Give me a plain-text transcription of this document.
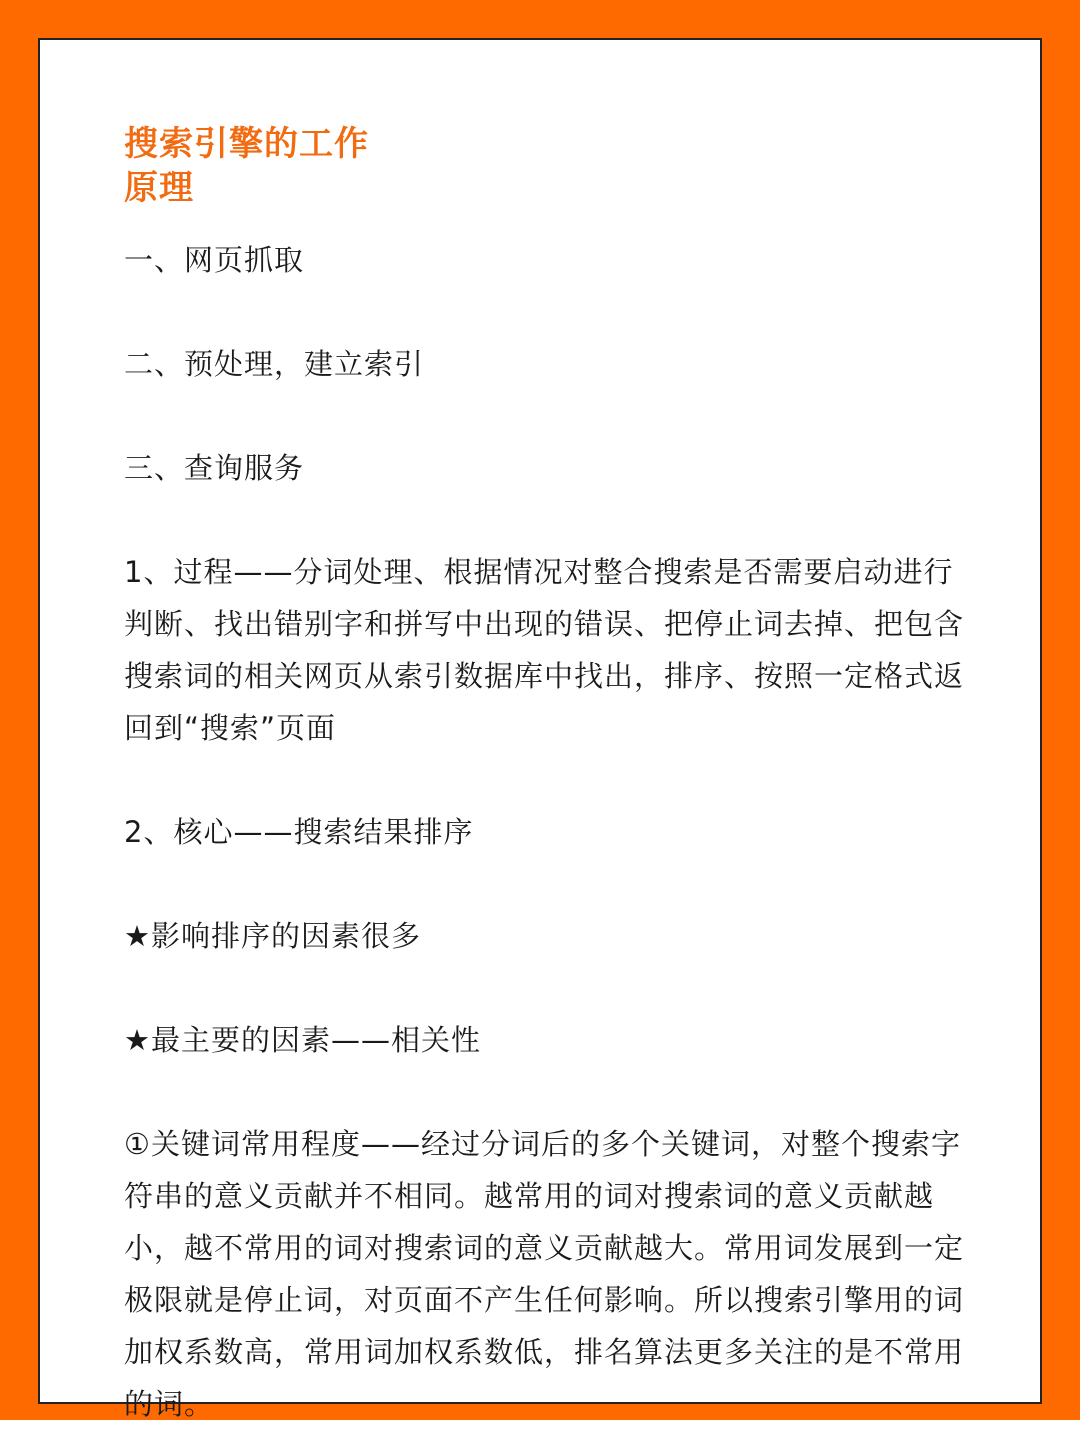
搜索引擎的工作
原理

一、网页抓取

二、预处理，建立索引

三、查询服务

1、过程——分词处理、根据情况对整合搜索是否需要启动进行判断、找出错别字和拼写中出现的错误、把停止词去掉、把包含搜索词的相关网页从索引数据库中找出，排序、按照一定格式返回到“搜索”页面

2、核心——搜索结果排序

★影响排序的因素很多

★最主要的因素——相关性

①关键词常用程度——经过分词后的多个关键词，对整个搜索字符串的意义贡献并不相同。越常用的词对搜索词的意义贡献越小，越不常用的词对搜索词的意义贡献越大。常用词发展到一定极限就是停止词，对页面不产生任何影响。所以搜索引擎用的词加权系数高，常用词加权系数低，排名算法更多关注的是不常用的词。
